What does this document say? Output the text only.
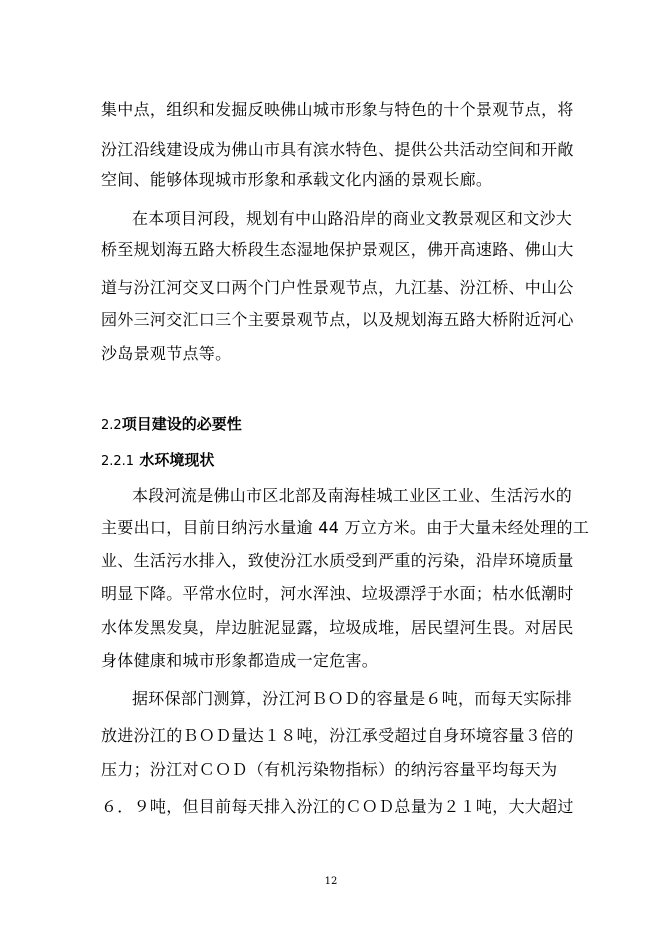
集中点，组织和发掘反映佛山城市形象与特色的十个景观节点，将
汾江沿线建设成为佛山市具有滨水特色、提供公共活动空间和开敞
空间、能够体现城市形象和承载文化内涵的景观长廊。
在本项目河段，规划有中山路沿岸的商业文教景观区和文沙大
桥至规划海五路大桥段生态湿地保护景观区，佛开高速路、佛山大
道与汾江河交叉口两个门户性景观节点，九江基、汾江桥、中山公
园外三河交汇口三个主要景观节点，以及规划海五路大桥附近河心
沙岛景观节点等。
2.2项目建设的必要性
2.2.1 水环境现状
本段河流是佛山市区北部及南海桂城工业区工业、生活污水的
主要出口，目前日纳污水量逾 44 万立方米。由于大量未经处理的工
业、生活污水排入，致使汾江水质受到严重的污染，沿岸环境质量
明显下降。平常水位时，河水浑浊、垃圾漂浮于水面；枯水低潮时
水体发黑发臭，岸边脏泥显露，垃圾成堆，居民望河生畏。对居民
身体健康和城市形象都造成一定危害。
据环保部门测算，汾江河ＢＯＤ的容量是６吨，而每天实际排
放进汾江的ＢＯＤ量达１８吨，汾江承受超过自身环境容量３倍的
压力；汾江对ＣＯＤ（有机污染物指标）的纳污容量平均每天为
６．９吨，但目前每天排入汾江的ＣＯＤ总量为２１吨，大大超过
12
